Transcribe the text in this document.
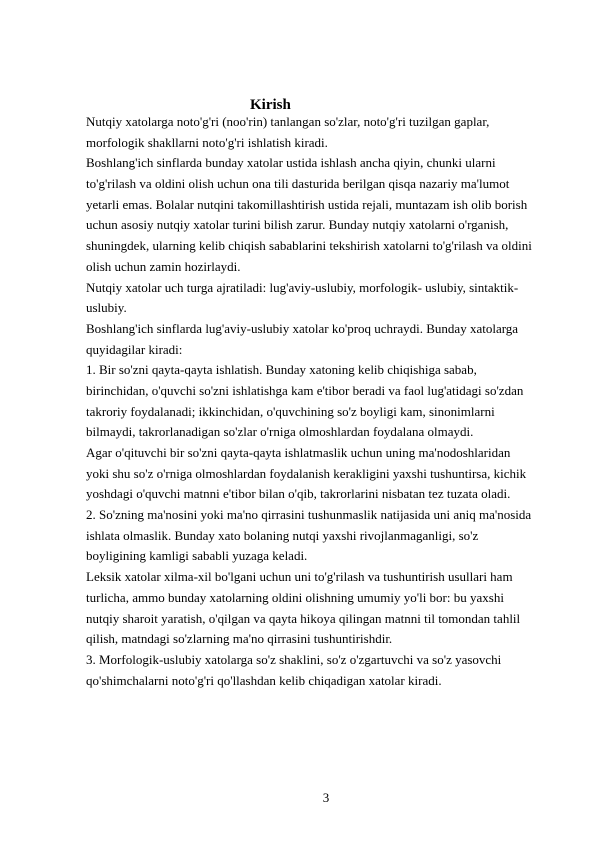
Kirish
Nutqiy xatolarga noto'g'ri (noo'rin) tanlangan so'zlar, noto'g'ri tuzilgan gaplar,
morfologik shakllarni noto'g'ri ishlatish kiradi.
Boshlang'ich sinflarda bunday xatolar ustida ishlash ancha qiyin, chunki ularni
to'g'rilash va oldini olish uchun ona tili dasturida berilgan qisqa nazariy ma'lumot
yetarli emas. Bolalar nutqini takomillashtirish ustida rejali, muntazam ish olib borish
uchun asosiy nutqiy xatolar turini bilish zarur. Bunday nutqiy xatolarni o'rganish,
shuningdek, ularning kelib chiqish sabablarini tekshirish xatolarni to'g'rilash va oldini
olish uchun zamin hozirlaydi.
Nutqiy xatolar uch turga ajratiladi: lug'aviy-uslubiy, morfologik- uslubiy, sintaktik-
uslubiy.
Boshlang'ich sinflarda lug'aviy-uslubiy xatolar ko'proq uchraydi. Bunday xatolarga
quyidagilar kiradi:
1. Bir so'zni qayta-qayta ishlatish. Bunday xatoning kelib chiqishiga sabab,
birinchidan, o'quvchi so'zni ishlatishga kam e'tibor beradi va faol lug'atidagi so'zdan
takroriy foydalanadi; ikkinchidan, o'quvchining so'z boyligi kam, sinonimlarni
bilmaydi, takrorlanadigan so'zlar o'rniga olmoshlardan foydalana olmaydi.
Agar o'qituvchi bir so'zni qayta-qayta ishlatmaslik uchun uning ma'nodoshlaridan
yoki shu so'z o'rniga olmoshlardan foydalanish kerakligini yaxshi tushuntirsa, kichik
yoshdagi o'quvchi matnni e'tibor bilan o'qib, takrorlarini nisbatan tez tuzata oladi.
2. So'zning ma'nosini yoki ma'no qirrasini tushunmaslik natijasida uni aniq ma'nosida
ishlata olmaslik. Bunday xato bolaning nutqi yaxshi rivojlanmaganligi, so'z
boyligining kamligi sababli yuzaga keladi.
Leksik xatolar xilma-xil bo'lgani uchun uni to'g'rilash va tushuntirish usullari ham
turlicha, ammo bunday xatolarning oldini olishning umumiy yo'li bor: bu yaxshi
nutqiy sharoit yaratish, o'qilgan va qayta hikoya qilingan matnni til tomondan tahlil
qilish, matndagi so'zlarning ma'no qirrasini tushuntirishdir.
3. Morfologik-uslubiy xatolarga so'z shaklini, so'z o'zgartuvchi va so'z yasovchi
qo'shimchalarni noto'g'ri qo'llashdan kelib chiqadigan xatolar kiradi.
3
